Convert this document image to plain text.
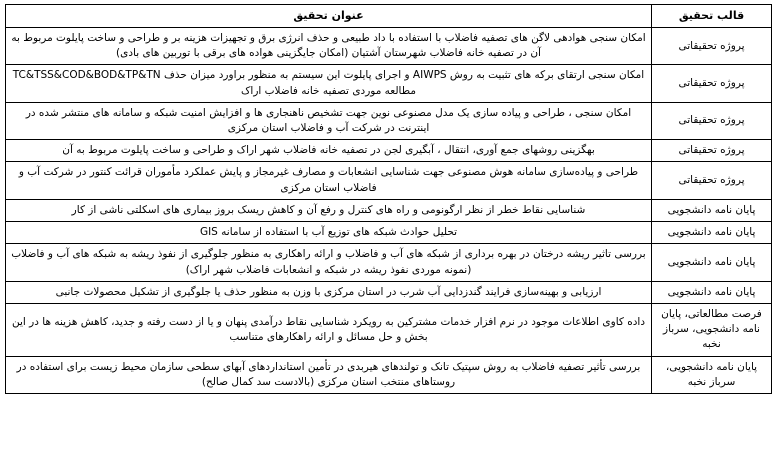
قالب تحقیق	عنوان تحقیق
پروژه تحقیقاتی	امکان سنجی هوادهی لاگن های تصفیه فاضلاب با استفاده با داد طبیعی و حذف انرژی برق و تجهیزات هزینه بر و طراحی و ساخت پایلوت مربوط به آن در تصفیه خانه فاضلاب شهرستان آشتیان (امکان جایگزینی هواده های برقی با توربین های بادی)
پروژه تحقیقاتی	امکان سنجی ارتقای برکه های تثبیت به روش AIWPS و اجرای پایلوت این سیستم به منظور براورد میزان حذف TC&TSS&COD&BOD&TP&TN مطالعه موردی تصفیه خانه فاضلاب اراک
پروژه تحقیقاتی	امکان سنجی ، طراحی و پیاده سازی یک مدل مصنوعی نوین جهت تشخیص ناهنجاری ها و افزایش امنیت شبکه و سامانه های منتشر شده در اینترنت در شرکت آب و فاضلاب استان مرکزی
پروژه تحقیقاتی	بهگزینی روشهای جمع آوری، انتقال ، آبگیری لجن در تصفیه خانه فاضلاب شهر اراک و طراحی و ساخت پایلوت مربوط به آن
پروژه تحقیقاتی	طراحی و پیاده‌سازی سامانه هوش مصنوعی جهت شناسایی انشعابات و مصارف غیرمجاز و پایش عملکرد مأموران قرائت کنتور در شرکت آب و فاضلاب استان مرکزی
پایان نامه دانشجویی	شناسایی نقاط خطر از نظر ارگونومی و راه های کنترل و رفع آن و کاهش ریسک بروز بیماری های اسکلتی ناشی از کار
پایان نامه دانشجویی	تحلیل حوادث شبکه های توزیع آب با استفاده از سامانه GIS
پایان نامه دانشجویی	بررسی تاثیر ریشه درختان در بهره برداری از شبکه های آب و فاضلاب و ارائه راهکاری به منظور جلوگیری از نفوذ ریشه به شبکه های آب و فاضلاب (نمونه موردی نفوذ ریشه در شبکه و انشعابات فاضلاب شهر اراک)
پایان نامه دانشجویی	ارزیابی و بهینه‌سازی فرایند گندزدایی آب شرب در استان مرکزی با وزن به منظور حذف یا جلوگیری از تشکیل محصولات جانبی
فرصت مطالعاتی، پایان نامه دانشجویی، سرباز نخبه	داده کاوی اطلاعات موجود در نرم افزار خدمات مشترکین به رویکرد شناسایی نقاط درآمدی پنهان و یا از دست رفته و جدید، کاهش هزینه ها در این بخش و حل مسائل و ارائه راهکارهای متناسب
پایان نامه دانشجویی، سرباز نخبه	بررسی تأثیر تصفیه فاضلاب به روش سپتیک تانک و تولندهای هیربدی در تأمین استانداردهای آبهای سطحی سازمان محیط زیست برای استفاده در روستاهای منتخب استان مرکزی (بالادست سد کمال صالح)
